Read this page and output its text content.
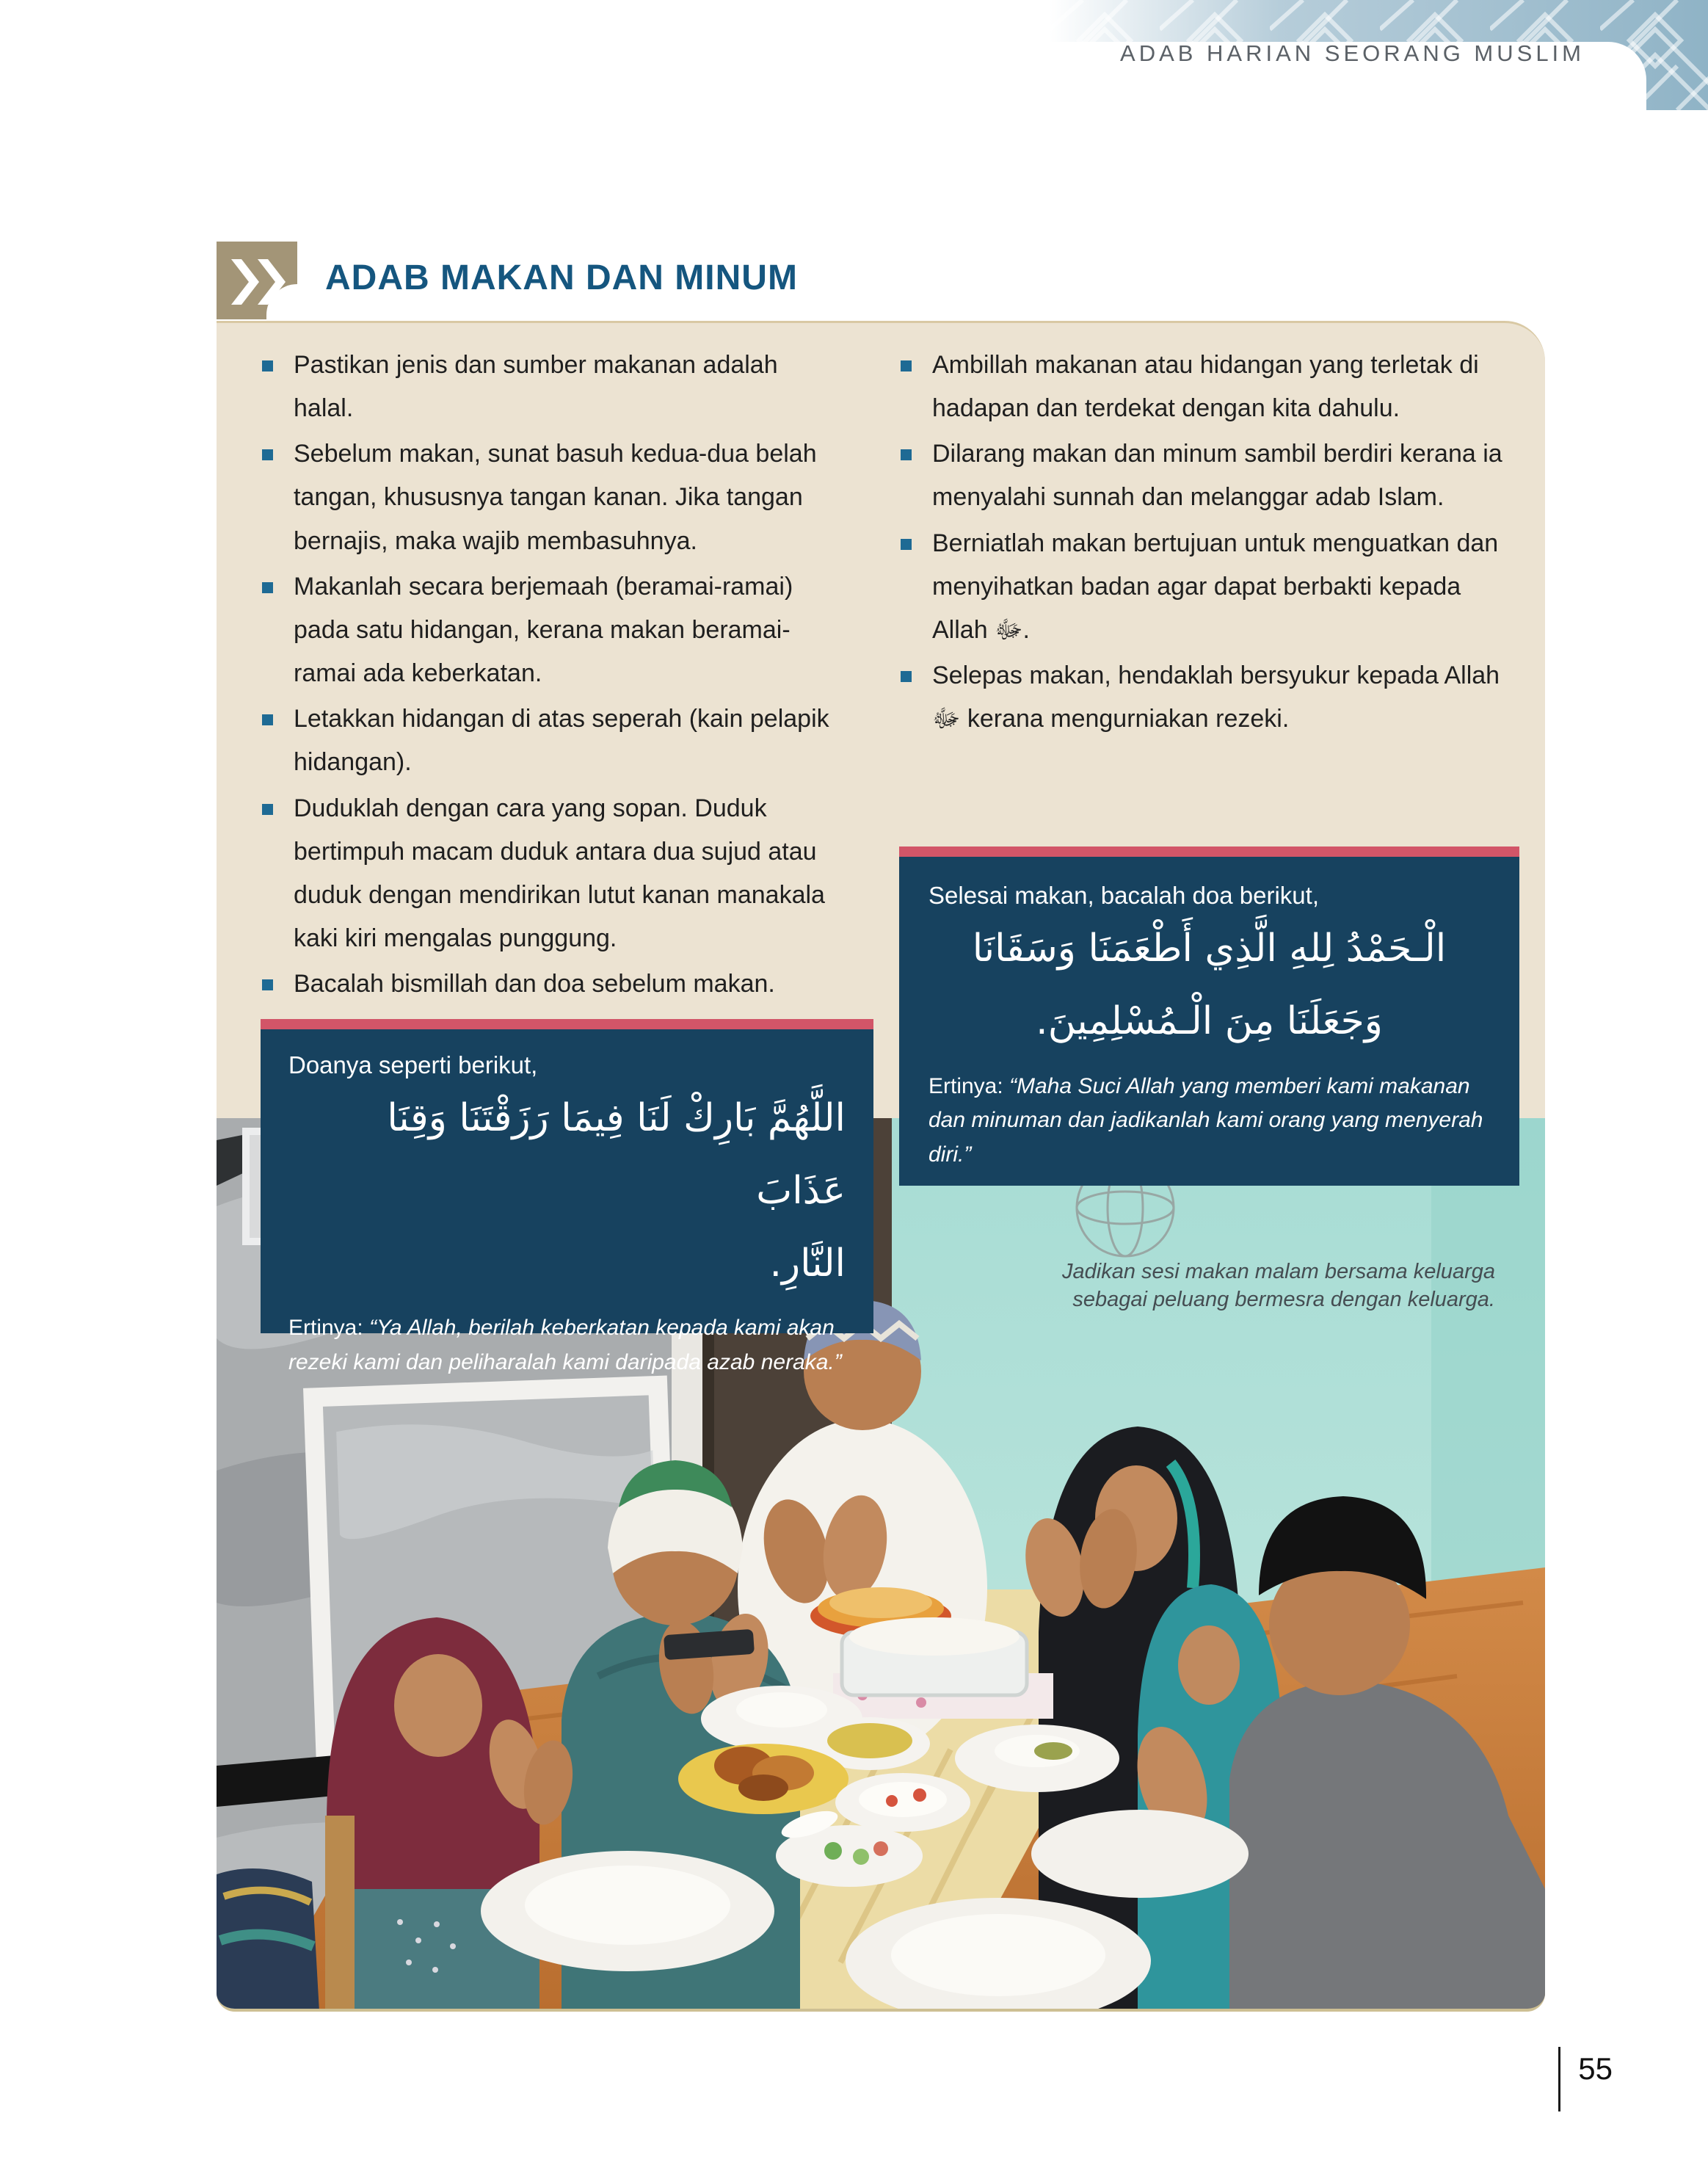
ADAB HARIAN SEORANG MUSLIM
ADAB MAKAN DAN MINUM
Pastikan jenis dan sumber makanan adalah halal.
Sebelum makan, sunat basuh kedua-dua belah tangan, khususnya tangan kanan. Jika tangan bernajis, maka wajib membasuhnya.
Makanlah secara berjemaah (beramai-ramai) pada satu hidangan, kerana makan beramai-ramai ada keberkatan.
Letakkan hidangan di atas seperah (kain pelapik hidangan).
Duduklah dengan cara yang sopan. Duduk bertimpuh macam duduk antara dua sujud atau duduk dengan mendirikan lutut kanan manakala kaki kiri mengalas punggung.
Bacalah bismillah dan doa sebelum makan.
Ambillah makanan atau hidangan yang terletak di hadapan dan terdekat dengan kita dahulu.
Dilarang makan dan minum sambil berdiri kerana ia menyalahi sunnah dan melanggar adab Islam.
Berniatlah makan bertujuan untuk menguatkan dan menyihatkan badan agar dapat berbakti kepada Allah ﷻ.
Selepas makan, hendaklah bersyukur kepada Allah ﷻ kerana mengurniakan rezeki.
Jadikan sesi makan malam bersama keluarga sebagai peluang bermesra dengan keluarga.

Doanya seperti berikut,

اللَّهُمَّ بَارِكْ لَنَا فِيمَا رَزَقْتَنَا وَقِنَا عَذَابَ
النَّارِ.

Ertinya: “Ya Allah, berilah keberkatan kepada kami akan rezeki kami dan peliharalah kami daripada azab neraka.”

Selesai makan, bacalah doa berikut,

الْـحَمْدُ لِلهِ الَّذِي أَطْعَمَنَا وَسَقَانَا
وَجَعَلَنَا مِنَ الْـمُسْلِمِينَ.

Ertinya: “Maha Suci Allah yang memberi kami makanan dan minuman dan jadikanlah kami orang yang menyerah diri.”

55
